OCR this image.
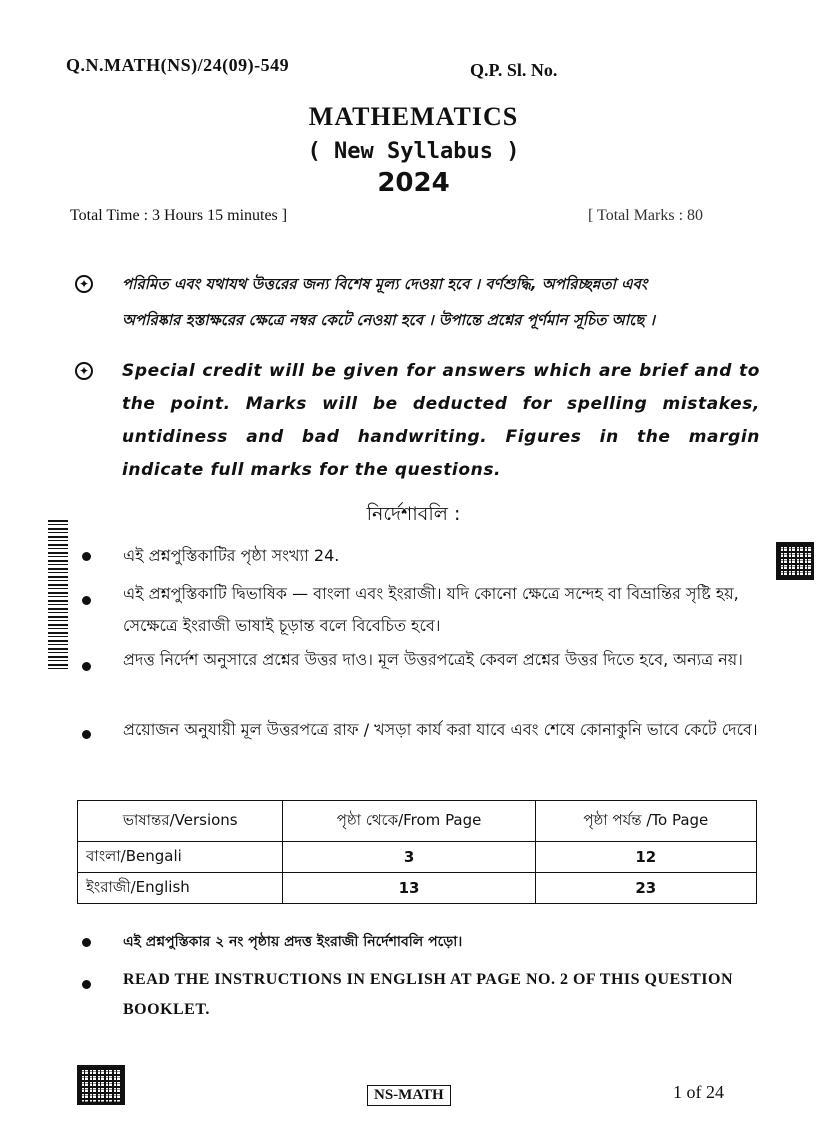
Q.N.MATH(NS)/24(09)-549	Q.P. Sl. No.
MATHEMATICS
( New Syllabus )
2024
Total Time : 3 Hours 15 minutes ]	[ Total Marks : 80
✦ পরিমিত এবং যথাযথ উত্তরের জন্য বিশেষ মূল্য দেওয়া হবে । বর্ণশুদ্ধি, অপরিচ্ছন্নতা এবং
অপরিষ্কার হস্তাক্ষরের ক্ষেত্রে নম্বর কেটে নেওয়া হবে । উপান্তে প্রশ্নের পূর্ণমান সূচিত আছে ।
✦ Special credit will be given for answers which are brief and to the point. Marks will be deducted for spelling mistakes, untidiness and bad handwriting. Figures in the margin indicate full marks for the questions.
নির্দেশাবলি :
এই প্রশ্নপুস্তিকাটির পৃষ্ঠা সংখ্যা 24.
এই প্রশ্নপুস্তিকাটি দ্বিভাষিক — বাংলা এবং ইংরাজী। যদি কোনো ক্ষেত্রে সন্দেহ বা বিভ্রান্তির সৃষ্টি হয়, সেক্ষেত্রে ইংরাজী ভাষাই চূড়ান্ত বলে বিবেচিত হবে।
প্রদত্ত নির্দেশ অনুসারে প্রশ্নের উত্তর দাও। মূল উত্তরপত্রেই কেবল প্রশ্নের উত্তর দিতে হবে, অন্যত্র নয়।
প্রয়োজন অনুযায়ী মূল উত্তরপত্রে রাফ / খসড়া কার্য করা যাবে এবং শেষে কোনাকুনি ভাবে কেটে দেবে।
ভাষান্তর/Versions	পৃষ্ঠা থেকে/From Page	পৃষ্ঠা পর্যন্ত /To Page
বাংলা/Bengali	3	12
ইংরাজী/English	13	23
এই প্রশ্নপুস্তিকার ২ নং পৃষ্ঠায় প্রদত্ত ইংরাজী নির্দেশাবলি পড়ো।
READ THE INSTRUCTIONS IN ENGLISH AT PAGE NO. 2 OF THIS QUESTION BOOKLET.
NS-MATH	1 of 24
